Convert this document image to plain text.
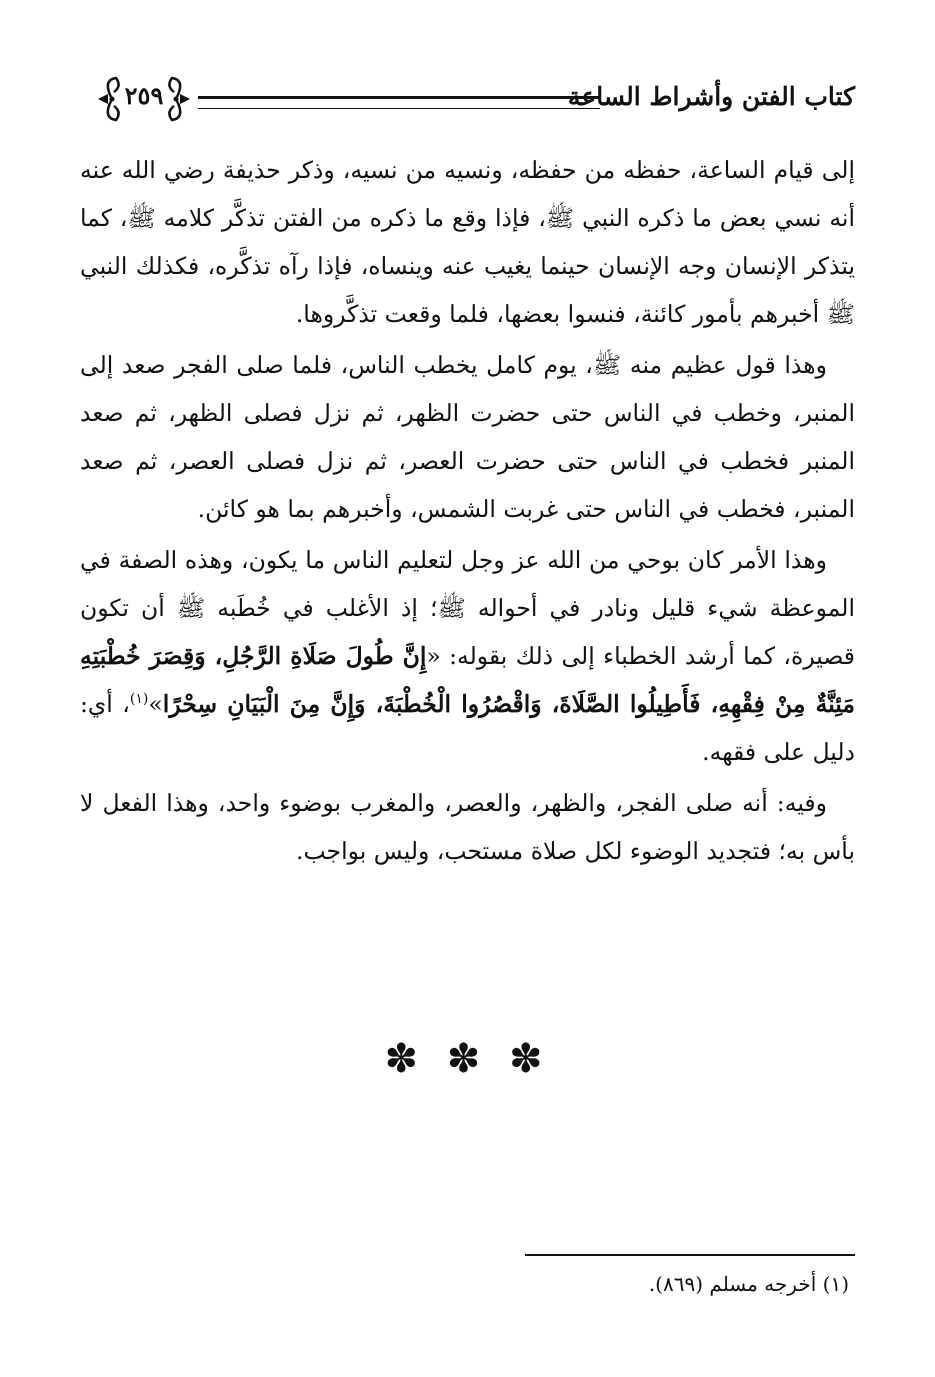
كتاب الفتن وأشراط الساعة
٢٥٩

إلى قيام الساعة، حفظه من حفظه، ونسيه من نسيه، وذكر حذيفة رضي الله عنه أنه نسي بعض ما ذكره النبي ﷺ، فإذا وقع ما ذكره من الفتن تذكَّر كلامه ﷺ، كما يتذكر الإنسان وجه الإنسان حينما يغيب عنه وينساه، فإذا رآه تذكَّره، فكذلك النبي ﷺ أخبرهم بأمور كائنة، فنسوا بعضها، فلما وقعت تذكَّروها.

وهذا قول عظيم منه ﷺ، يوم كامل يخطب الناس، فلما صلى الفجر صعد إلى المنبر، وخطب في الناس حتى حضرت الظهر، ثم نزل فصلى الظهر، ثم صعد المنبر فخطب في الناس حتى حضرت العصر، ثم نزل فصلى العصر، ثم صعد المنبر، فخطب في الناس حتى غربت الشمس، وأخبرهم بما هو كائن.

وهذا الأمر كان بوحي من الله عز وجل لتعليم الناس ما يكون، وهذه الصفة في الموعظة شيء قليل ونادر في أحواله ﷺ؛ إذ الأغلب في خُطَبه ﷺ أن تكون قصيرة، كما أرشد الخطباء إلى ذلك بقوله: «إِنَّ طُولَ صَلَاةِ الرَّجُلِ، وَقِصَرَ خُطْبَتِهِ مَئِنَّةٌ مِنْ فِقْهِهِ، فَأَطِيلُوا الصَّلَاةَ، وَاقْصُرُوا الْخُطْبَةَ، وَإِنَّ مِنَ الْبَيَانِ سِحْرًا»$^{(١)}$، أي: دليل على فقهه.

وفيه: أنه صلى الفجر، والظهر، والعصر، والمغرب بوضوء واحد، وهذا الفعل لا بأس به؛ فتجديد الوضوء لكل صلاة مستحب، وليس بواجب.

✽ ✽ ✽
(١) أخرجه مسلم (٨٦٩).
